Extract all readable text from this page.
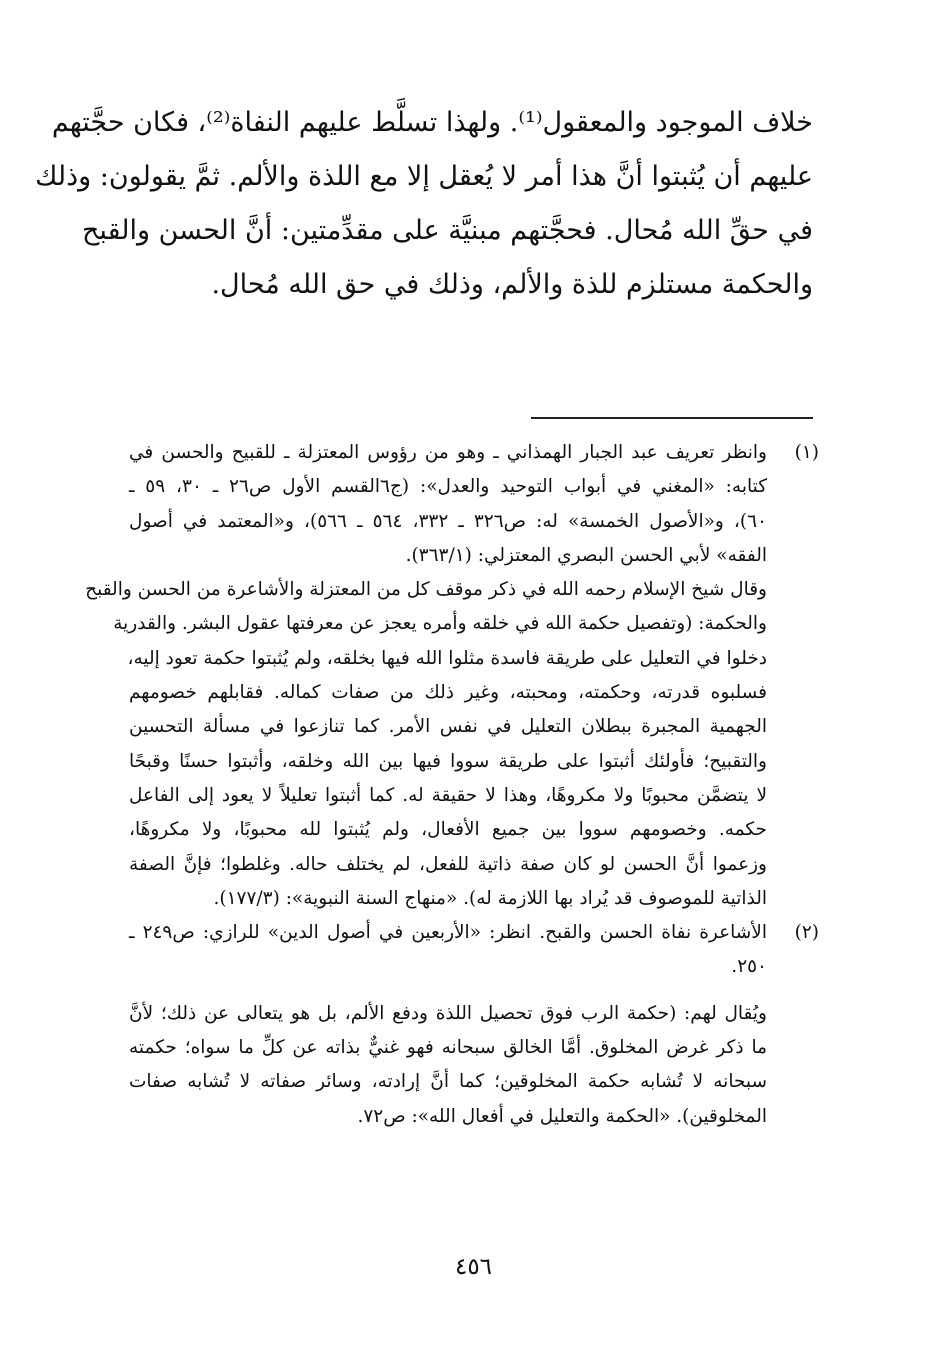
خلاف الموجود والمعقول⁽¹⁾. ولهذا تسلَّط عليهم النفاة⁽²⁾، فكان حجَّتهم
عليهم أن يُثبتوا أنَّ هذا أمر لا يُعقل إلا مع اللذة والألم. ثمَّ يقولون: وذلك
في حقِّ الله مُحال. فحجَّتهم مبنيَّة على مقدِّمتين: أنَّ الحسن والقبح
والحكمة مستلزم للذة والألم، وذلك في حق الله مُحال.
(١)
وانظر تعريف عبد الجبار الهمذاني ـ وهو من رؤوس المعتزلة ـ للقبيح والحسن في
كتابه: «المغني في أبواب التوحيد والعدل»: (ج٦القسم الأول ص٢٦ ـ ٣٠، ٥٩ ـ
٦٠)، و«الأصول الخمسة» له: ص٣٢٦ ـ ٣٣٢، ٥٦٤ ـ ٥٦٦)، و«المعتمد في أصول
الفقه» لأبي الحسن البصري المعتزلي: (٣٦٣/١).
وقال شيخ الإسلام رحمه الله في ذكر موقف كل من المعتزلة والأشاعرة من الحسن والقبح
والحكمة: (وتفصيل حكمة الله في خلقه وأمره يعجز عن معرفتها عقول البشر. والقدرية
دخلوا في التعليل على طريقة فاسدة مثلوا الله فيها بخلقه، ولم يُثبتوا حكمة تعود إليه،
فسلبوه قدرته، وحكمته، ومحبته، وغير ذلك من صفات كماله. فقابلهم خصومهم
الجهمية المجبرة ببطلان التعليل في نفس الأمر. كما تنازعوا في مسألة التحسين
والتقبيح؛ فأولئك أثبتوا على طريقة سووا فيها بين الله وخلقه، وأثبتوا حسنًا وقبحًا
لا يتضمَّن محبوبًا ولا مكروهًا، وهذا لا حقيقة له. كما أثبتوا تعليلاً لا يعود إلى الفاعل
حكمه. وخصومهم سووا بين جميع الأفعال، ولم يُثبتوا لله محبوبًا، ولا مكروهًا،
وزعموا أنَّ الحسن لو كان صفة ذاتية للفعل، لم يختلف حاله. وغلطوا؛ فإنَّ الصفة
الذاتية للموصوف قد يُراد بها اللازمة له). «منهاج السنة النبوية»: (١٧٧/٣).
(٢)
الأشاعرة نفاة الحسن والقبح. انظر: «الأربعين في أصول الدين» للرازي: ص٢٤٩ ـ
٢٥٠.
ويُقال لهم: (حكمة الرب فوق تحصيل اللذة ودفع الألم، بل هو يتعالى عن ذلك؛ لأنَّ
ما ذكر غرض المخلوق. أمَّا الخالق سبحانه فهو غنيٌّ بذاته عن كلِّ ما سواه؛ حكمته
سبحانه لا تُشابه حكمة المخلوقين؛ كما أنَّ إرادته، وسائر صفاته لا تُشابه صفات
المخلوقين). «الحكمة والتعليل في أفعال الله»: ص٧٢.
٤٥٦
